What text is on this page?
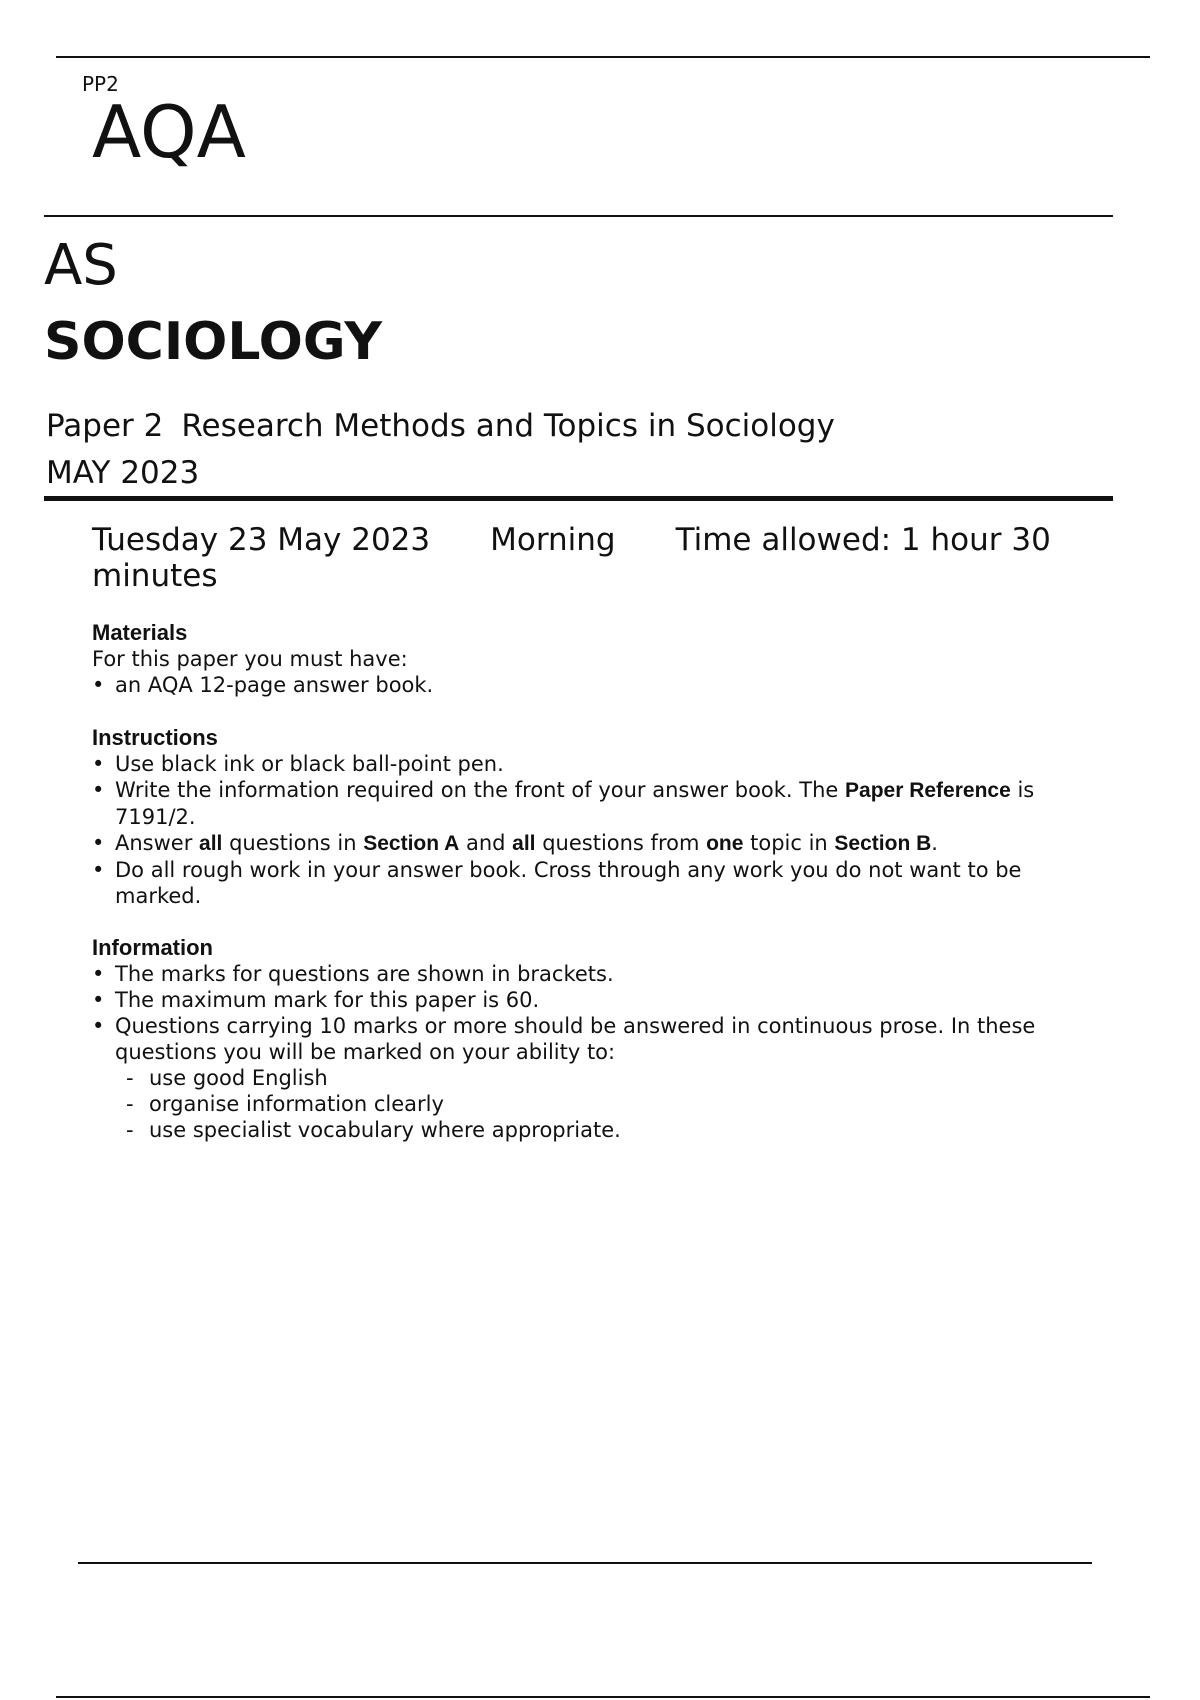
PP2
AQA
AS
SOCIOLOGY
Paper 2 Research Methods and Topics in Sociology
MAY 2023
Tuesday 23 May 2023 Morning Time allowed: 1 hour 30 minutes
Materials

For this paper you must have:

• an AQA 12-page answer book.
Instructions
• Use black ink or black ball-point pen.
• Write the information required on the front of your answer book. The Paper Reference is 7191/2.
• Answer all questions in Section A and all questions from one topic in Section B.
• Do all rough work in your answer book. Cross through any work you do not want to be marked.
Information
• The marks for questions are shown in brackets.
• The maximum mark for this paper is 60.
• Questions carrying 10 marks or more should be answered in continuous prose. In these questions you will be marked on your ability to:
- use good English
- organise information clearly
- use specialist vocabulary where appropriate.
